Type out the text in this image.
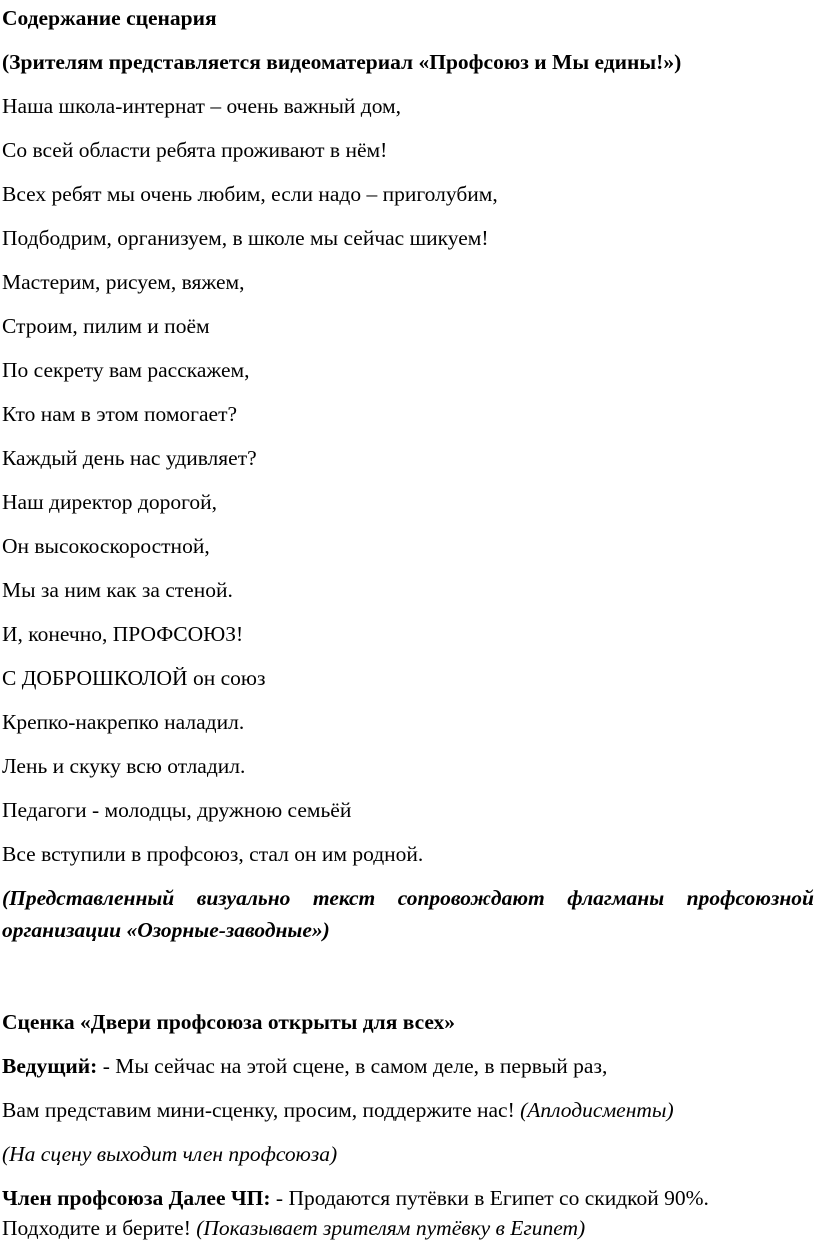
Содержание сценария
(Зрителям представляется видеоматериал «Профсоюз и Мы едины!»)
Наша школа-интернат – очень важный дом,
Со всей области ребята проживают в нём!
Всех ребят мы очень любим, если надо – приголубим,
Подбодрим, организуем, в школе мы сейчас шикуем!
Мастерим, рисуем, вяжем,
Строим, пилим и поём
По секрету вам расскажем,
Кто нам в этом помогает?
Каждый день нас удивляет?
Наш директор дорогой,
Он высокоскоростной,
Мы за ним как за стеной.
И, конечно, ПРОФСОЮЗ!
С ДОБРОШКОЛОЙ он союз
Крепко-накрепко наладил.
Лень и скуку всю отладил.
Педагоги - молодцы, дружною семьёй
Все вступили в профсоюз, стал он им родной.
(Представленный визуально текст сопровождают флагманы профсоюзной
организации «Озорные-заводные»)
Сценка «Двери профсоюза открыты для всех»
Ведущий: - Мы сейчас на этой сцене, в самом деле, в первый раз,
Вам представим мини-сценку, просим, поддержите нас! (Аплодисменты)
(На сцену выходит член профсоюза)
Член профсоюза Далее ЧП: - Продаются путёвки в Египет со скидкой 90%.
Подходите и берите! (Показывает зрителям путёвку в Египет)
